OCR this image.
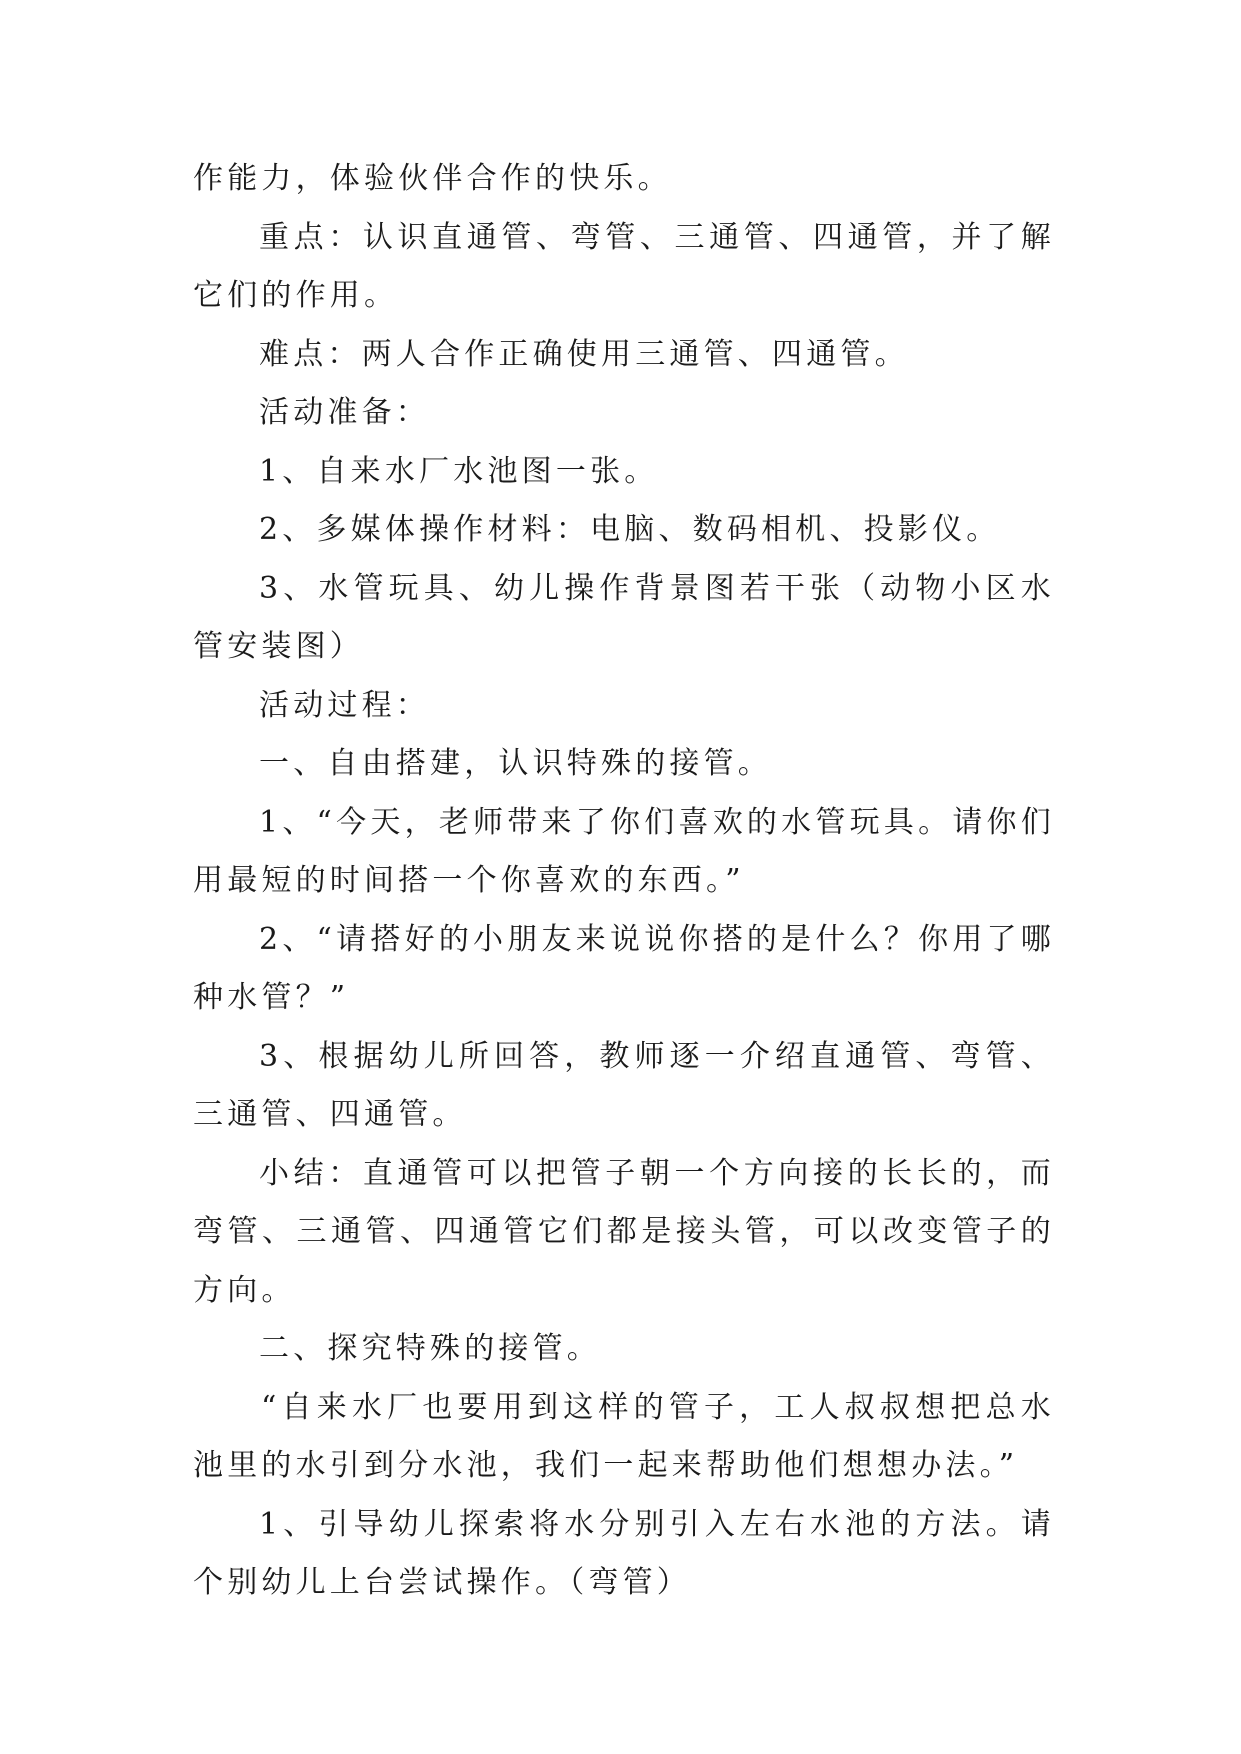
作能力，体验伙伴合作的快乐。

重点：认识直通管、弯管、三通管、四通管，并了解它们的作用。

难点：两人合作正确使用三通管、四通管。

活动准备：

1、自来水厂水池图一张。

2、多媒体操作材料：电脑、数码相机、投影仪。

3、水管玩具、幼儿操作背景图若干张（动物小区水管安装图）

活动过程：

一、自由搭建，认识特殊的接管。

1、“今天，老师带来了你们喜欢的水管玩具。请你们用最短的时间搭一个你喜欢的东西。”

2、“请搭好的小朋友来说说你搭的是什么？你用了哪种水管？”

3、根据幼儿所回答，教师逐一介绍直通管、弯管、三通管、四通管。

小结：直通管可以把管子朝一个方向接的长长的，而弯管、三通管、四通管它们都是接头管，可以改变管子的方向。

二、探究特殊的接管。

“自来水厂也要用到这样的管子，工人叔叔想把总水池里的水引到分水池，我们一起来帮助他们想想办法。”

1、引导幼儿探索将水分别引入左右水池的方法。请个别幼儿上台尝试操作。（弯管）
